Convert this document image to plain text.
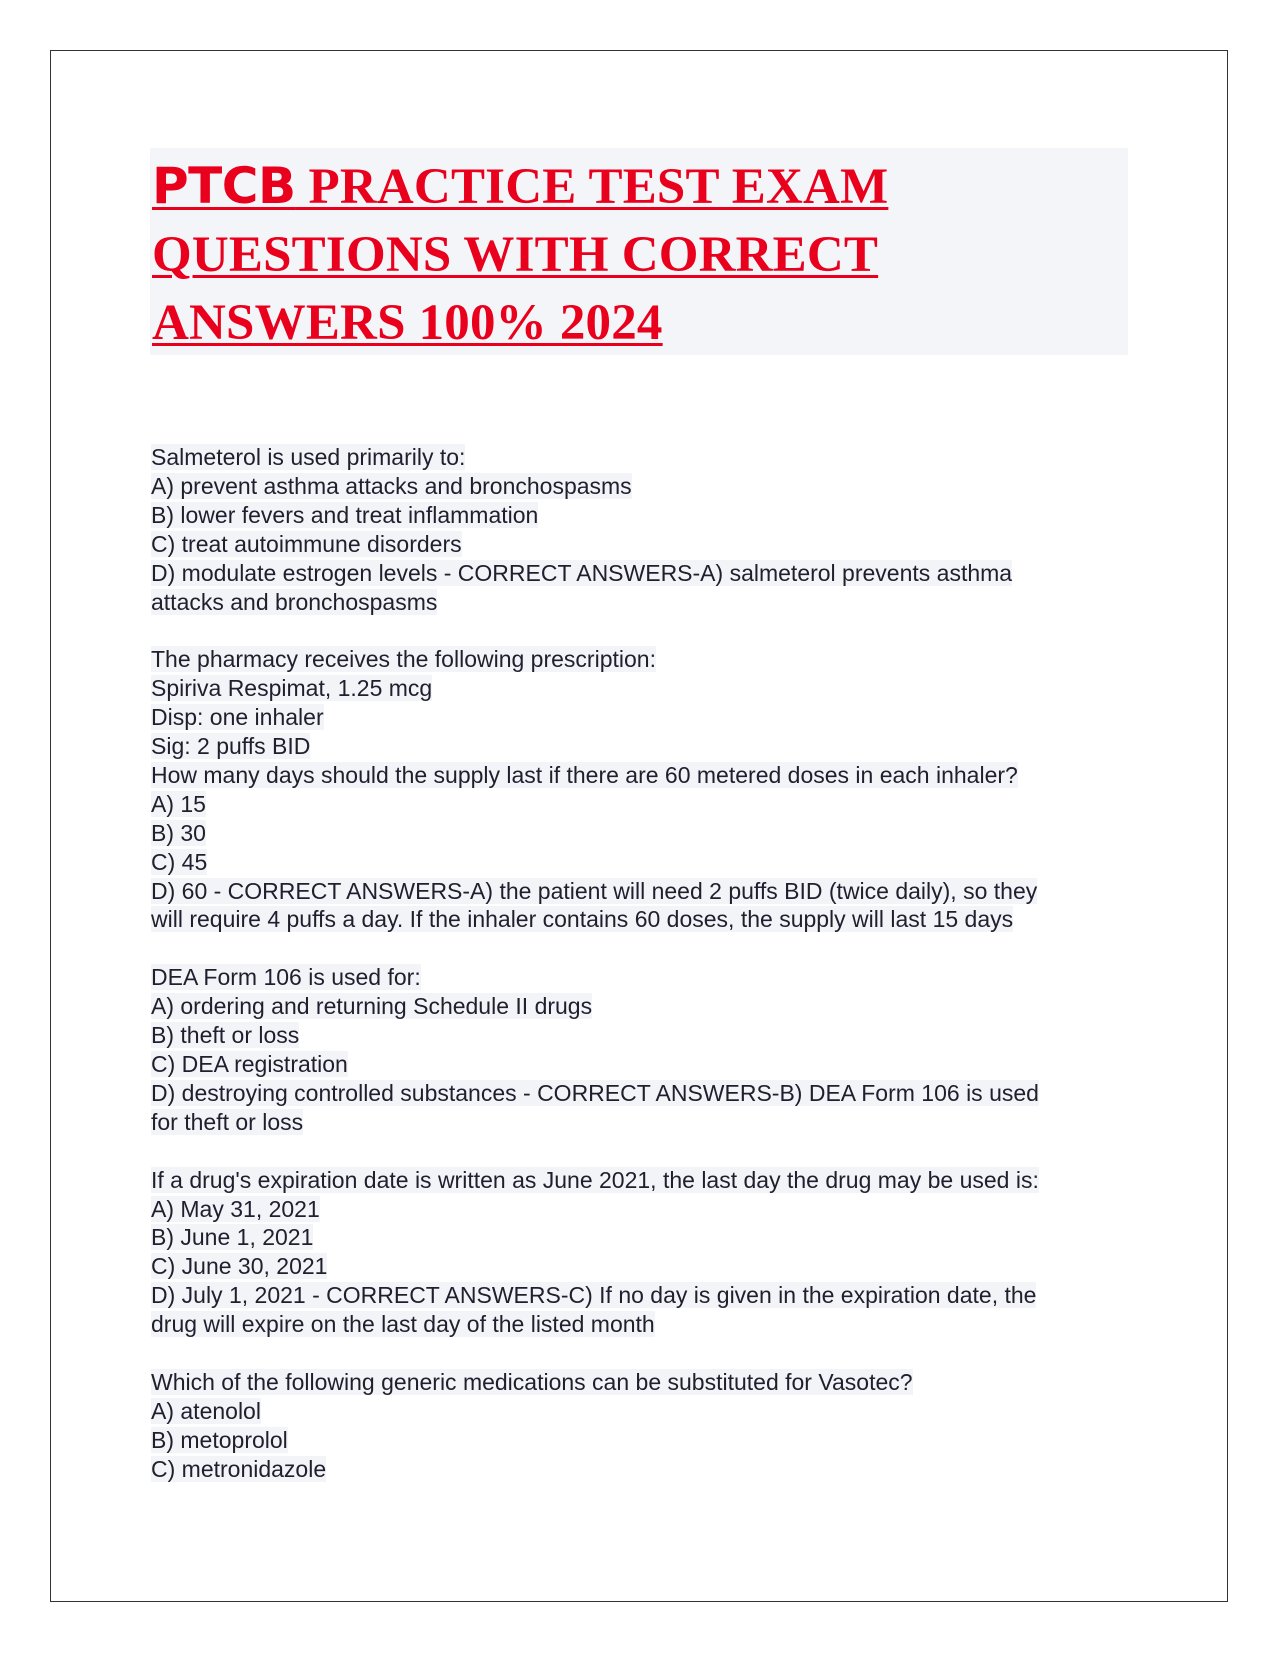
PTCB PRACTICE TEST EXAM
QUESTIONS WITH CORRECT
ANSWERS 100% 2024
Salmeterol is used primarily to:
A) prevent asthma attacks and bronchospasms
B) lower fevers and treat inflammation
C) treat autoimmune disorders
D) modulate estrogen levels - CORRECT ANSWERS-A) salmeterol prevents asthma
attacks and bronchospasms
The pharmacy receives the following prescription:
Spiriva Respimat, 1.25 mcg
Disp: one inhaler
Sig: 2 puffs BID
How many days should the supply last if there are 60 metered doses in each inhaler?
A) 15
B) 30
C) 45
D) 60 - CORRECT ANSWERS-A) the patient will need 2 puffs BID (twice daily), so they
will require 4 puffs a day. If the inhaler contains 60 doses, the supply will last 15 days
DEA Form 106 is used for:
A) ordering and returning Schedule II drugs
B) theft or loss
C) DEA registration
D) destroying controlled substances - CORRECT ANSWERS-B) DEA Form 106 is used
for theft or loss
If a drug's expiration date is written as June 2021, the last day the drug may be used is:
A) May 31, 2021
B) June 1, 2021
C) June 30, 2021
D) July 1, 2021 - CORRECT ANSWERS-C) If no day is given in the expiration date, the
drug will expire on the last day of the listed month
Which of the following generic medications can be substituted for Vasotec?
A) atenolol
B) metoprolol
C) metronidazole
